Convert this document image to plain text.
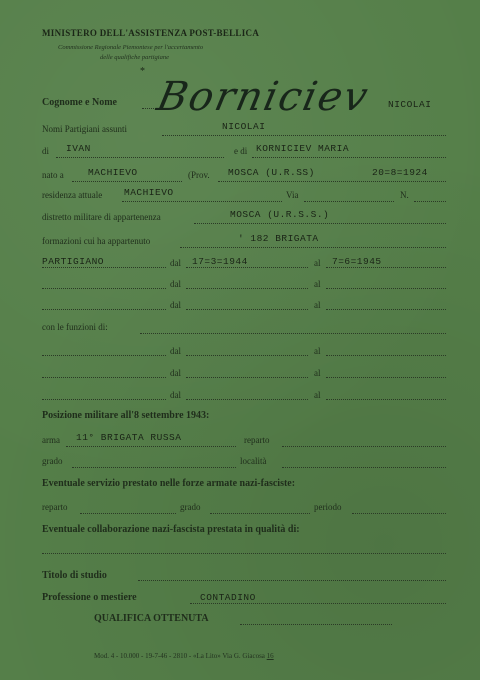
MINISTERO DELL'ASSISTENZA POST-BELLICA
Commissione Regionale Piemontese per l'accertamento
delle qualifiche partigiane
*
Cognome e Nome Borniciev NICOLAI
Nomi Partigiani assunti	NICOLAI
di IVAN	e di KORNICIEV MARIA
nato a	MACHIEVO	(Prov. MOSCA (U.R.SS)	20=8=1924
residenza attuale MACHIEVO	Via	N.
distretto militare di appartenenza	MOSCA (U.R.S.S.)
formazioni cui ha appartenuto	' 182 BRIGATA
PARTIGIANO	dal 17=3=1944	al 7=6=1945
dal	al
dal	al
con le funzioni di:
dal	al
dal	al
dal	al
Posizione militare all'8 settembre 1943:
arma 11° BRIGATA RUSSA	reparto
grado	località
Eventuale servizio prestato nelle forze armate nazi-fasciste:
reparto	grado	periodo
Eventuale collaborazione nazi-fascista prestata in qualità di:
Titolo di studio
Professione o mestiere	CONTADINO
QUALIFICA OTTENUTA
Mod. 4 - 10.000 - 19-7-46 - 2810 - «La Lito» Via G. Giacosa 16
